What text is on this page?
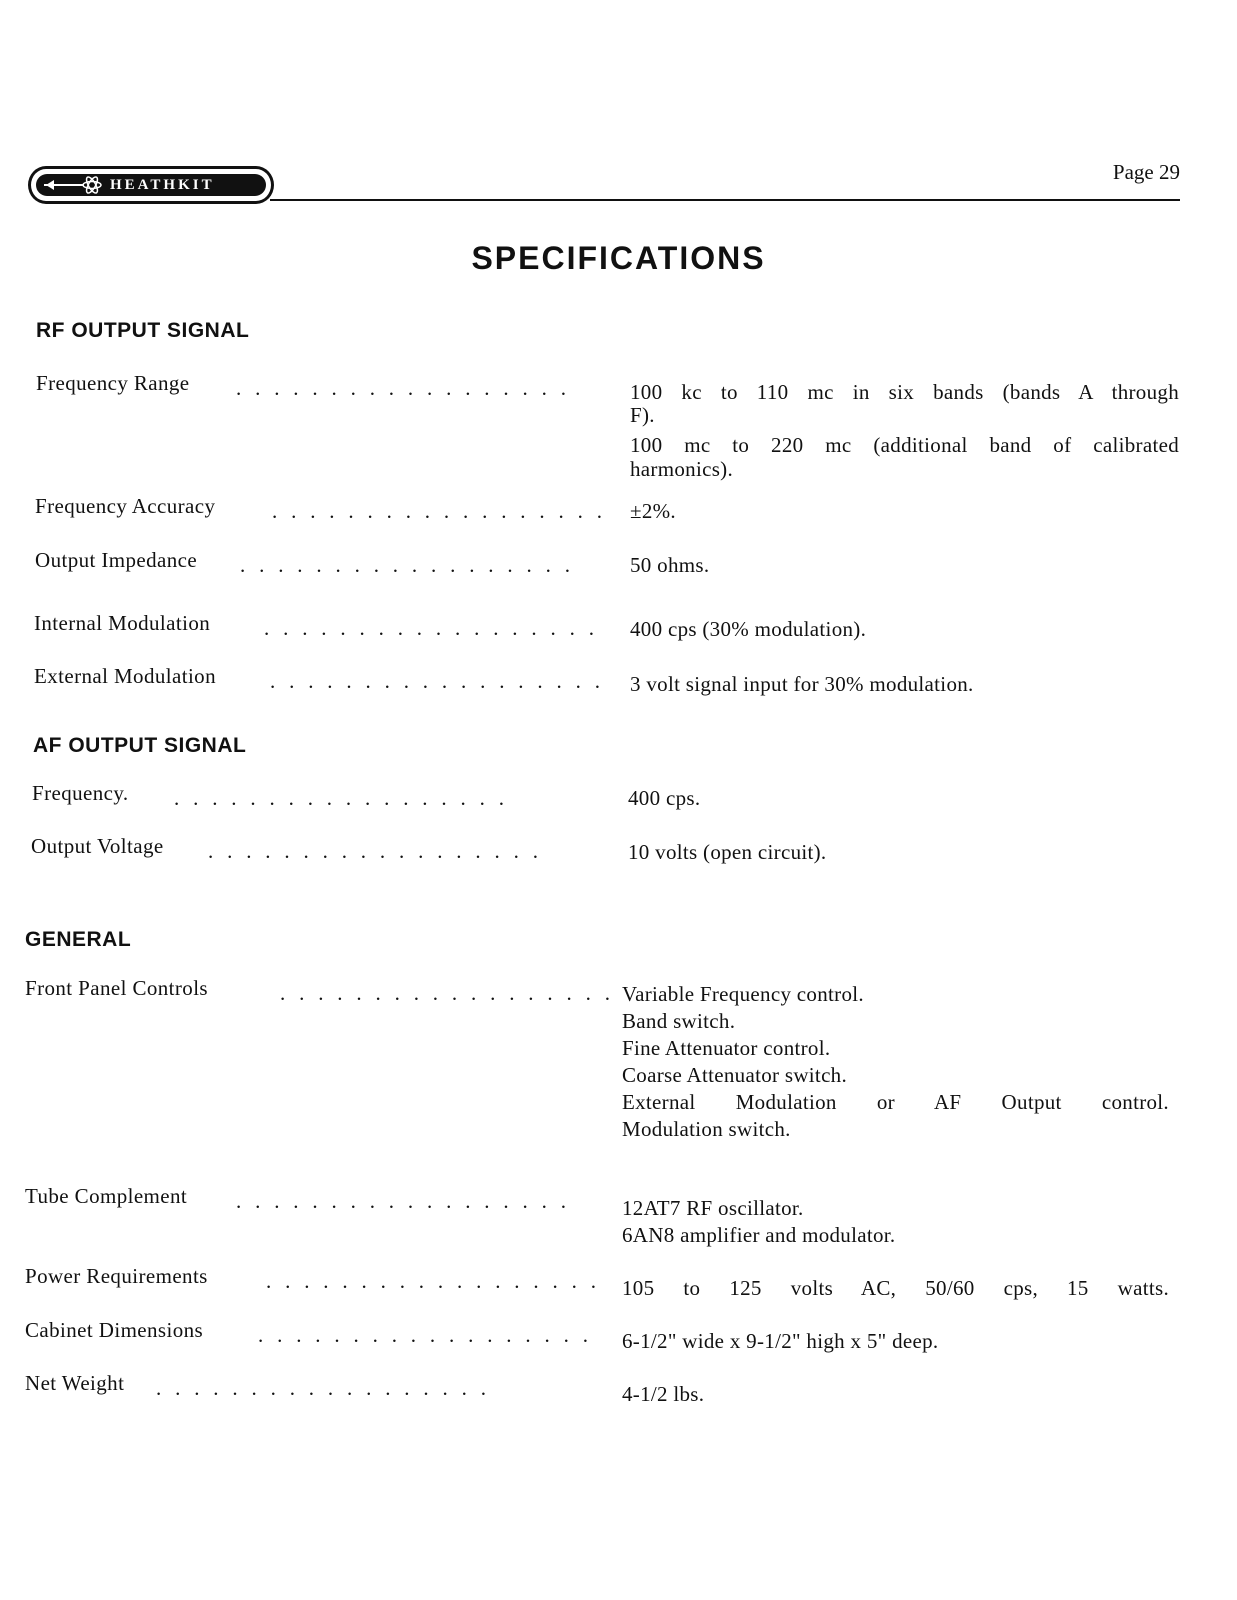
HEATHKIT
Page 29
SPECIFICATIONS
RF OUTPUT SIGNAL
Frequency Range . . . . . . . . . . . . . . . . . .	100 kc to 110 mc in six bands (bands A through
F).
100 mc to 220 mc (additional band of calibrated
harmonics).
Frequency Accuracy	. . . . . . . . . . . . . . . . . . ±2%.
Output Impedance . . . . . . . . . . . . . . . . . .	50 ohms.
Internal Modulation	. . . . . . . . . . . . . . . . . . 400 cps (30% modulation).
External Modulation	. . . . . . . . . . . . . . . . . . 3 volt signal input for 30% modulation.
AF OUTPUT SIGNAL
Frequency. . . . . . . . . . . . . . . . . . .	400 cps.
Output Voltage . . . . . . . . . . . . . . . . . .	10 volts (open circuit).
GENERAL
Front Panel Controls	. . . . . . . . . . . . . . . . . . Variable Frequency control.
Band switch.
Fine Attenuator control.
Coarse Attenuator switch.
External Modulation or AF Output control.
Modulation switch.
Tube Complement . . . . . . . . . . . . . . . . . . 12AT7 RF oscillator.
6AN8 amplifier and modulator.
Power Requirements	. . . . . . . . . . . . . . . . . . 105 to 125 volts AC, 50/60 cps, 15 watts.
Cabinet Dimensions	. . . . . . . . . . . . . . . . . . 6-1/2" wide x 9-1/2" high x 5" deep.
Net Weight . . . . . . . . . . . . . . . . . .	4-1/2 lbs.
